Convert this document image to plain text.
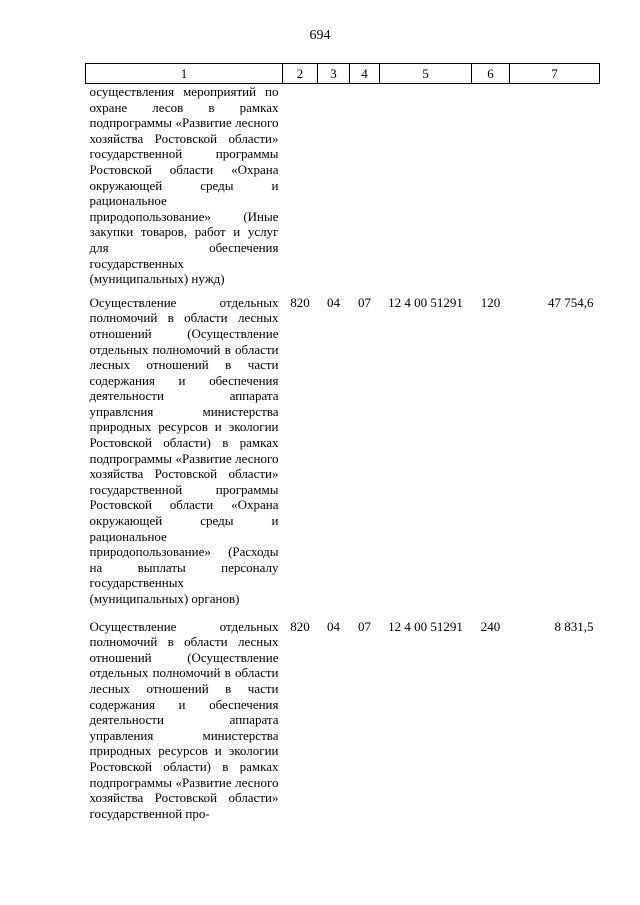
694
1	2	3	4	5	6	7
осуществления мероприятий по охране лесов в рамках подпрограммы «Развитие лесного хозяйства Ростовской области» государственной программы Ростовской области «Охрана окружающей среды и рациональное природопользование» (Иные закупки товаров, работ и услуг для обеспечения государственных (муниципальных) нужд)						
Осуществление отдельных полномочий в области лесных отношений (Осуществление отдельных полномочий в области лесных отношений в части содержания и обеспечения деятельности аппарата управлсния министерства природных ресурсов и экологии Ростовской области) в рамках подпрограммы «Развитие лесного хозяйства Ростовской области» государственной программы Ростовской области «Охрана окружающей среды и рациональное природопользование» (Расходы на выплаты персоналу государственных (муниципальных) органов)	820	04	07	12 4 00 51291	120	47 754,6
Осуществление отдельных полномочий в области лесных отношений (Осуществление отдельных полномочий в области лесных отношений в части содержания и обеспечения деятельности аппарата управления министерства природных ресурсов и экологии Ростовской области) в рамках подпрограммы «Развитие лесного хозяйства Ростовской области» государственной про-	820	04	07	12 4 00 51291	240	8 831,5
